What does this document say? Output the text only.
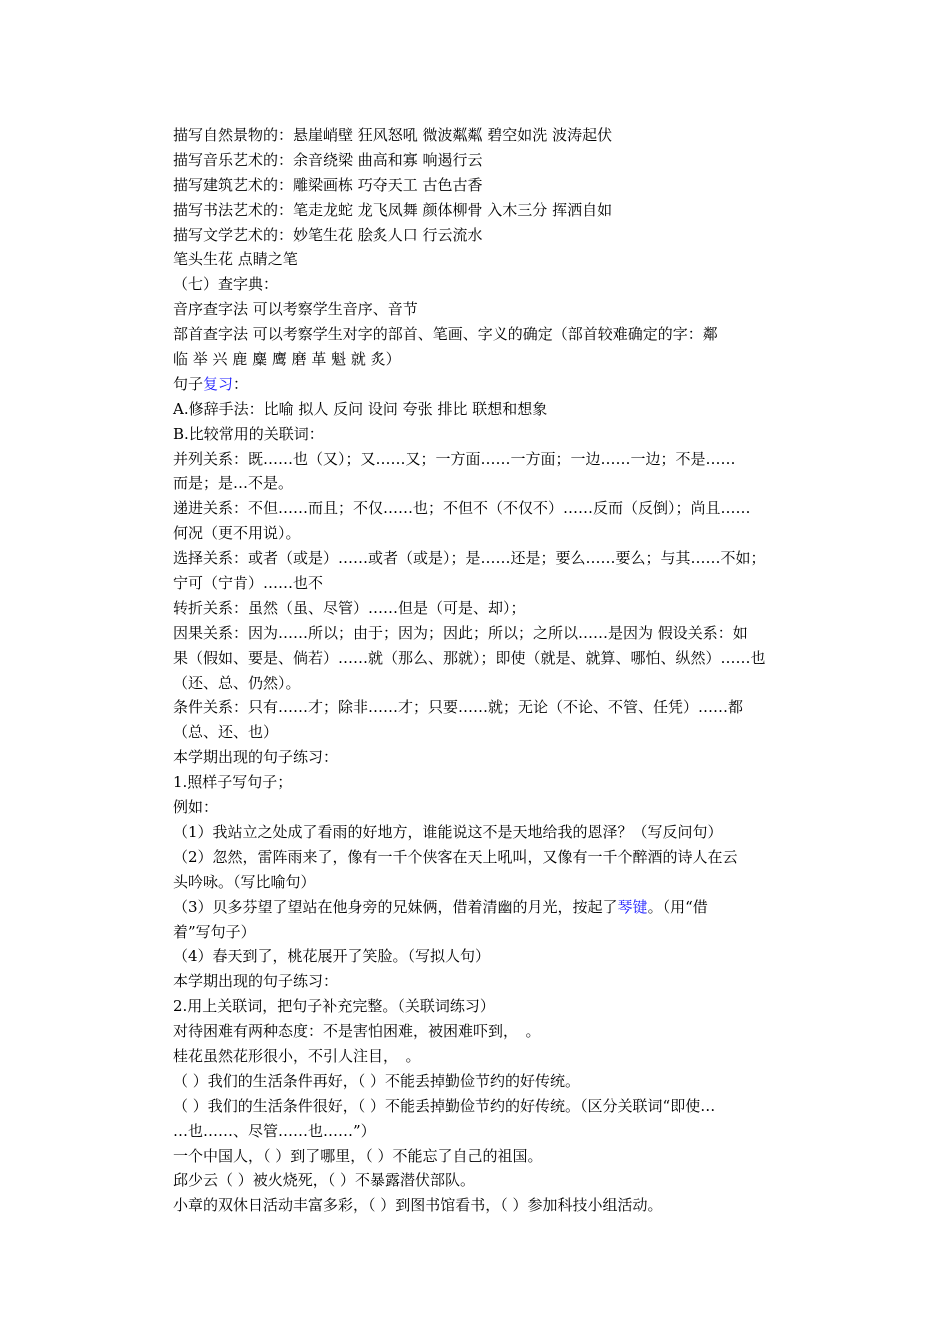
描写自然景物的：悬崖峭壁 狂风怒吼 微波粼粼 碧空如洗 波涛起伏
描写音乐艺术的：余音绕梁 曲高和寡 响遏行云
描写建筑艺术的：雕梁画栋 巧夺天工 古色古香
描写书法艺术的：笔走龙蛇 龙飞凤舞 颜体柳骨 入木三分 挥洒自如
描写文学艺术的：妙笔生花 脍炙人口 行云流水
笔头生花 点睛之笔
（七）查字典：
音序查字法 可以考察学生音序、音节
部首查字法 可以考察学生对字的部首、笔画、字义的确定（部首较难确定的字：鄰
临 举 兴 鹿 麋 鹰 磨 革 魁 就 炙）
句子复习：
A.修辞手法：比喻 拟人 反问 设问 夸张 排比 联想和想象
B.比较常用的关联词：
并列关系：既……也（又）；又……又；一方面……一方面；一边……一边；不是……
而是；是…不是。
递进关系：不但……而且；不仅……也；不但不（不仅不）……反而（反倒）；尚且……
何况（更不用说）。
选择关系：或者（或是）……或者（或是）；是……还是；要么……要么；与其……不如；
宁可（宁肯）……也不
转折关系：虽然（虽、尽管）……但是（可是、却）；
因果关系：因为……所以；由于；因为；因此；所以；之所以……是因为 假设关系：如
果（假如、要是、倘若）……就（那么、那就）；即使（就是、就算、哪怕、纵然）……也
（还、总、仍然）。
条件关系：只有……才；除非……才；只要……就；无论（不论、不管、任凭）……都
（总、还、也）
本学期出现的句子练习：
1.照样子写句子；
例如：
（1）我站立之处成了看雨的好地方，谁能说这不是天地给我的恩泽？（写反问句）
（2）忽然，雷阵雨来了，像有一千个侠客在天上吼叫，又像有一千个醉酒的诗人在云
头吟咏。（写比喻句）
（3）贝多芬望了望站在他身旁的兄妹俩，借着清幽的月光，按起了琴键。（用“借
着”写句子）
（4）春天到了，桃花展开了笑脸。（写拟人句）
本学期出现的句子练习：
2.用上关联词，把句子补充完整。（关联词练习）
对待困难有两种态度：不是害怕困难，被困难吓到，　。
桂花虽然花形很小，不引人注目，　。
（ ）我们的生活条件再好，（ ）不能丢掉勤俭节约的好传统。
（ ）我们的生活条件很好，（ ）不能丢掉勤俭节约的好传统。（区分关联词“即使…
…也……、尽管……也……”）
一个中国人，（ ）到了哪里，（ ）不能忘了自己的祖国。
邱少云（ ）被火烧死，（ ）不暴露潜伏部队。
小章的双休日活动丰富多彩，（ ）到图书馆看书，（ ）参加科技小组活动。
